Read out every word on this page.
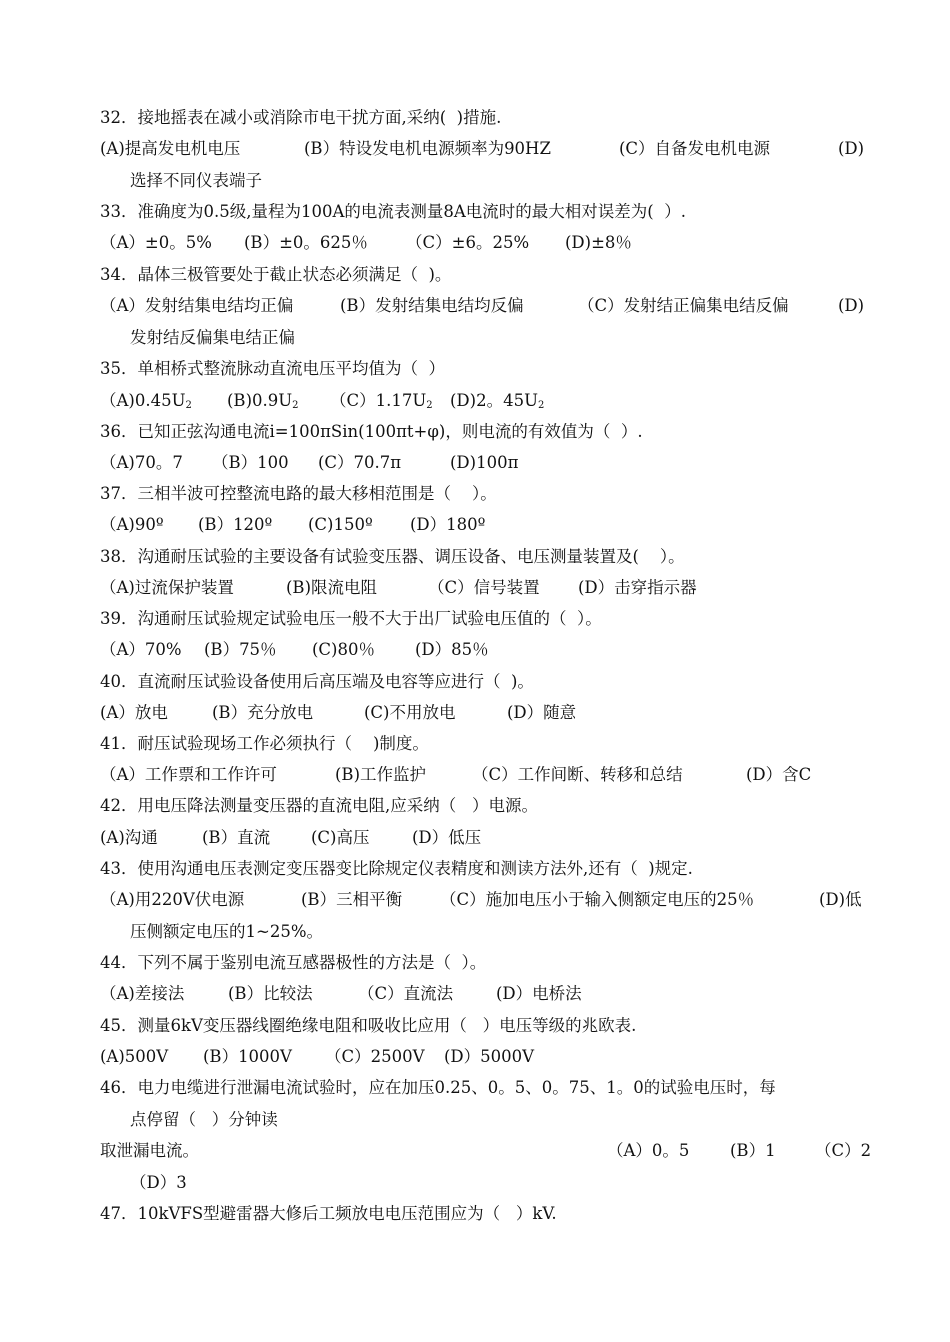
32．接地摇表在减小或消除市电干扰方面,采纳(  )措施.
(A)提高发电机电压	(B）特设发电机电源频率为90HZ	(C）自备发电机电源	(D)
选择不同仪表端子
33．准确度为0.5级,量程为100A的电流表测量8A电流时的最大相对误差为(  ）.
（A）±0。5% (B）±0。625％ （C）±6。25% (D)±8％
34．晶体三极管要处于截止状态必须满足（  )。
（A）发射结集电结均正偏	(B）发射结集电结均反偏	（C）发射结正偏集电结反偏	(D)
发射结反偏集电结正偏
35．单相桥式整流脉动直流电压平均值为（  ）
$(A)0.45U_2$ $(B)0.9U_2$ $(C)1.17U_2$ (D)2。$45U_2$
36．已知正弦沟通电流i=100πSin(100πt+φ)，则电流的有效值为（  ）.
（A)70。7 （B）100 (C）70.7π	(D)100π
37．三相半波可控整流电路的最大移相范围是（    ）。
（A)90º (B）120º (C)150º (D）180º
38．沟通耐压试验的主要设备有试验变压器、调压设备、电压测量装置及(    ）。
（A)过流保护装置	(B)限流电阻	（C）信号装置 (D）击穿指示器
39．沟通耐压试验规定试验电压一般不大于出厂试验电压值的（  ）。
（A）70% (B）75％ (C)80％ (D）85％
40．直流耐压试验设备使用后高压端及电容等应进行（  )。
(A）放电	(B）充分放电	(C)不用放电	(D）随意
41．耐压试验现场工作必须执行（    )制度。
（A）工作票和工作许可	(B)工作监护	（C）工作间断、转移和总结	(D）含C
42．用电压降法测量变压器的直流电阻,应采纳（   ）电源。
(A)沟通	(B）直流 (C)高压	(D）低压
43．使用沟通电压表测定变压器变比除规定仪表精度和测读方法外,还有（  )规定.
（A)用220V伏电源	(B）三相平衡 （C）施加电压小于输入侧额定电压的25％	(D)低
压侧额定电压的1~25%。
44．下列不属于鉴别电流互感器极性的方法是（  ）。
（A)差接法	(B）比较法	（C）直流法	(D）电桥法
45．测量6kV变压器线圈绝缘电阻和吸收比应用（   ）电压等级的兆欧表.
(A)500V (B）1000V （C）2500V (D）5000V
46．电力电缆进行泄漏电流试验时，应在加压0.25、0。5、0。75、1。0的试验电压时，每
点停留（   ）分钟读
取泄漏电流。	（A）0。5 (B）1 （C）2
（D）3
47．10kVFS型避雷器大修后工频放电电压范围应为（   ）kV.
